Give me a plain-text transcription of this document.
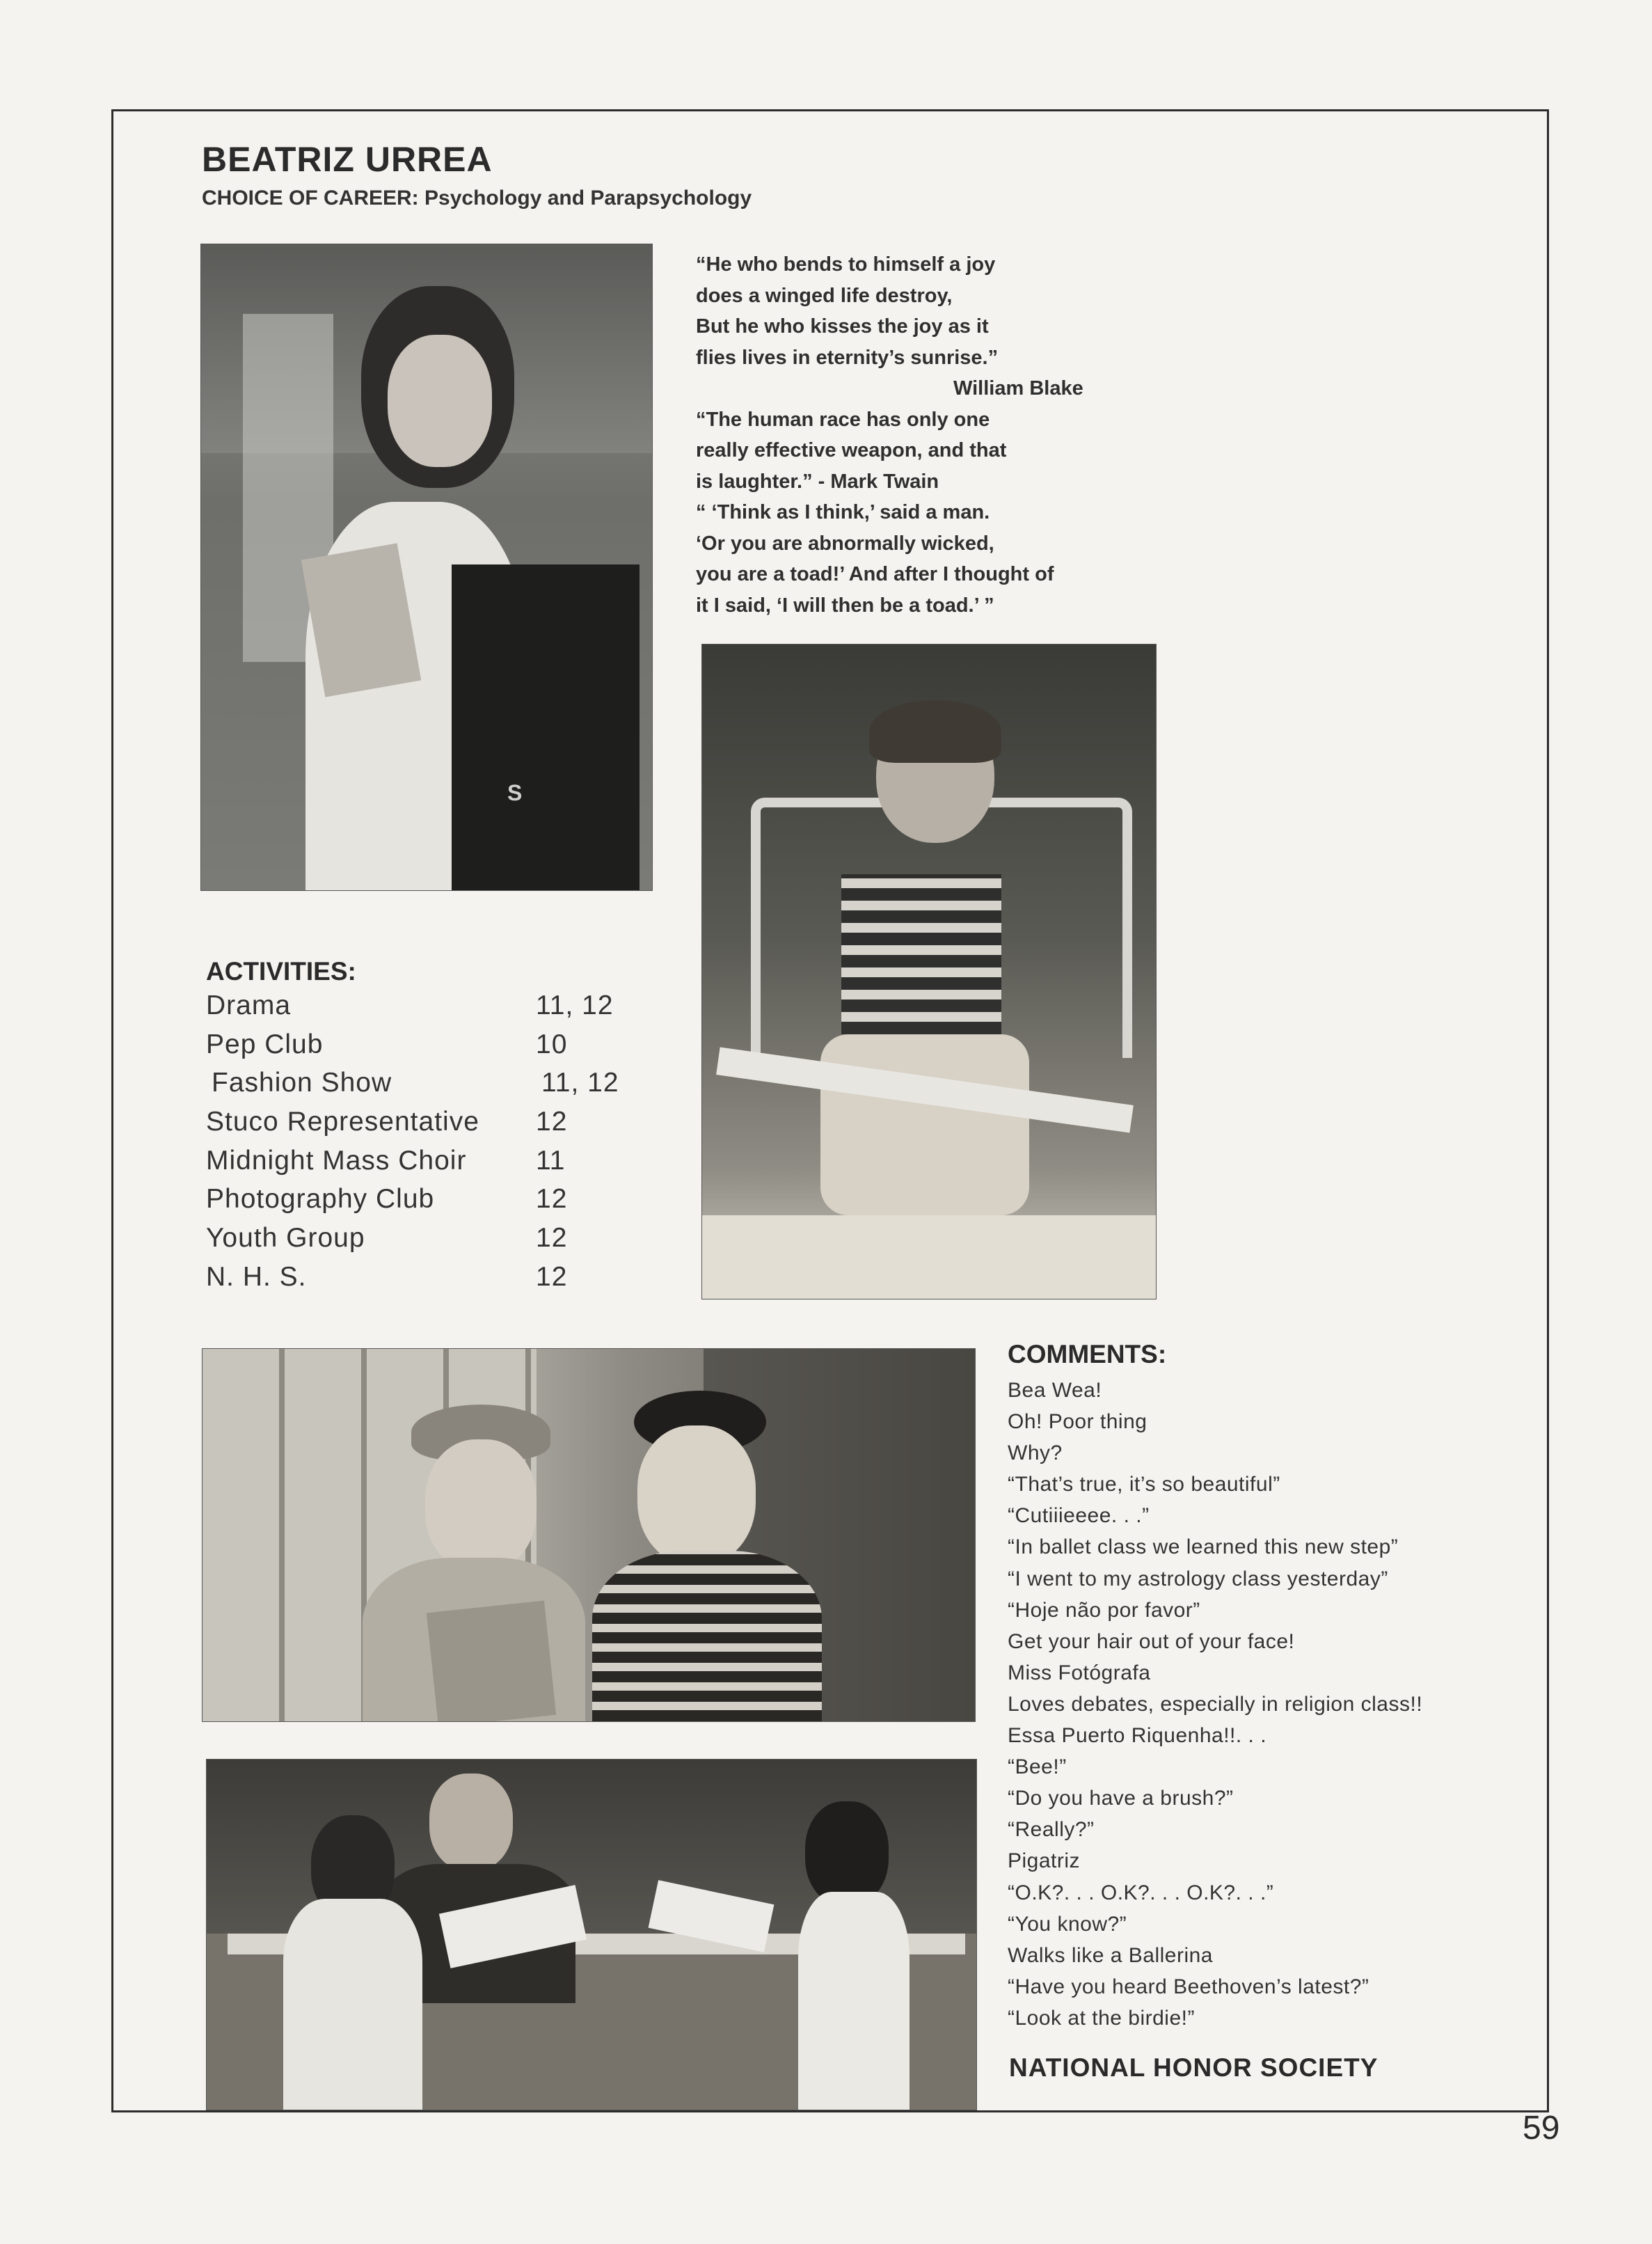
BEATRIZ URREA
CHOICE OF CAREER: Psychology and Parapsychology
S
“He who bends to himself a joy
does a winged life destroy,
But he who kisses the joy as it
flies lives in eternity’s sunrise.”
William Blake
“The human race has only one
really effective weapon, and that
is laughter.” - Mark Twain
“ ‘Think as I think,’ said a man.
‘Or you are abnormally wicked,
you are a toad!’ And after I thought of
it I said, ‘I will then be a toad.’ ”
ACTIVITIES:
Drama	11, 12
Pep Club	10
Fashion Show	11, 12
Stuco Representative 12
Midnight Mass Choir	11
Photography Club	12
Youth Group	12
N. H. S.	12
COMMENTS:
Bea Wea!
Oh! Poor thing
Why?
“That’s true, it’s so beautiful”
“Cutiiieeee. . .”
“In ballet class we learned this new step”
“I went to my astrology class yesterday”
“Hoje não por favor”
Get your hair out of your face!
Miss Fotógrafa
Loves debates, especially in religion class!!
Essa Puerto Riquenha!!. . .
“Bee!”
“Do you have a brush?”
“Really?”
Pigatriz
“O.K?. . . O.K?. . . O.K?. . .”
“You know?”
Walks like a Ballerina
“Have you heard Beethoven’s latest?”
“Look at the birdie!”
NATIONAL HONOR SOCIETY
59
